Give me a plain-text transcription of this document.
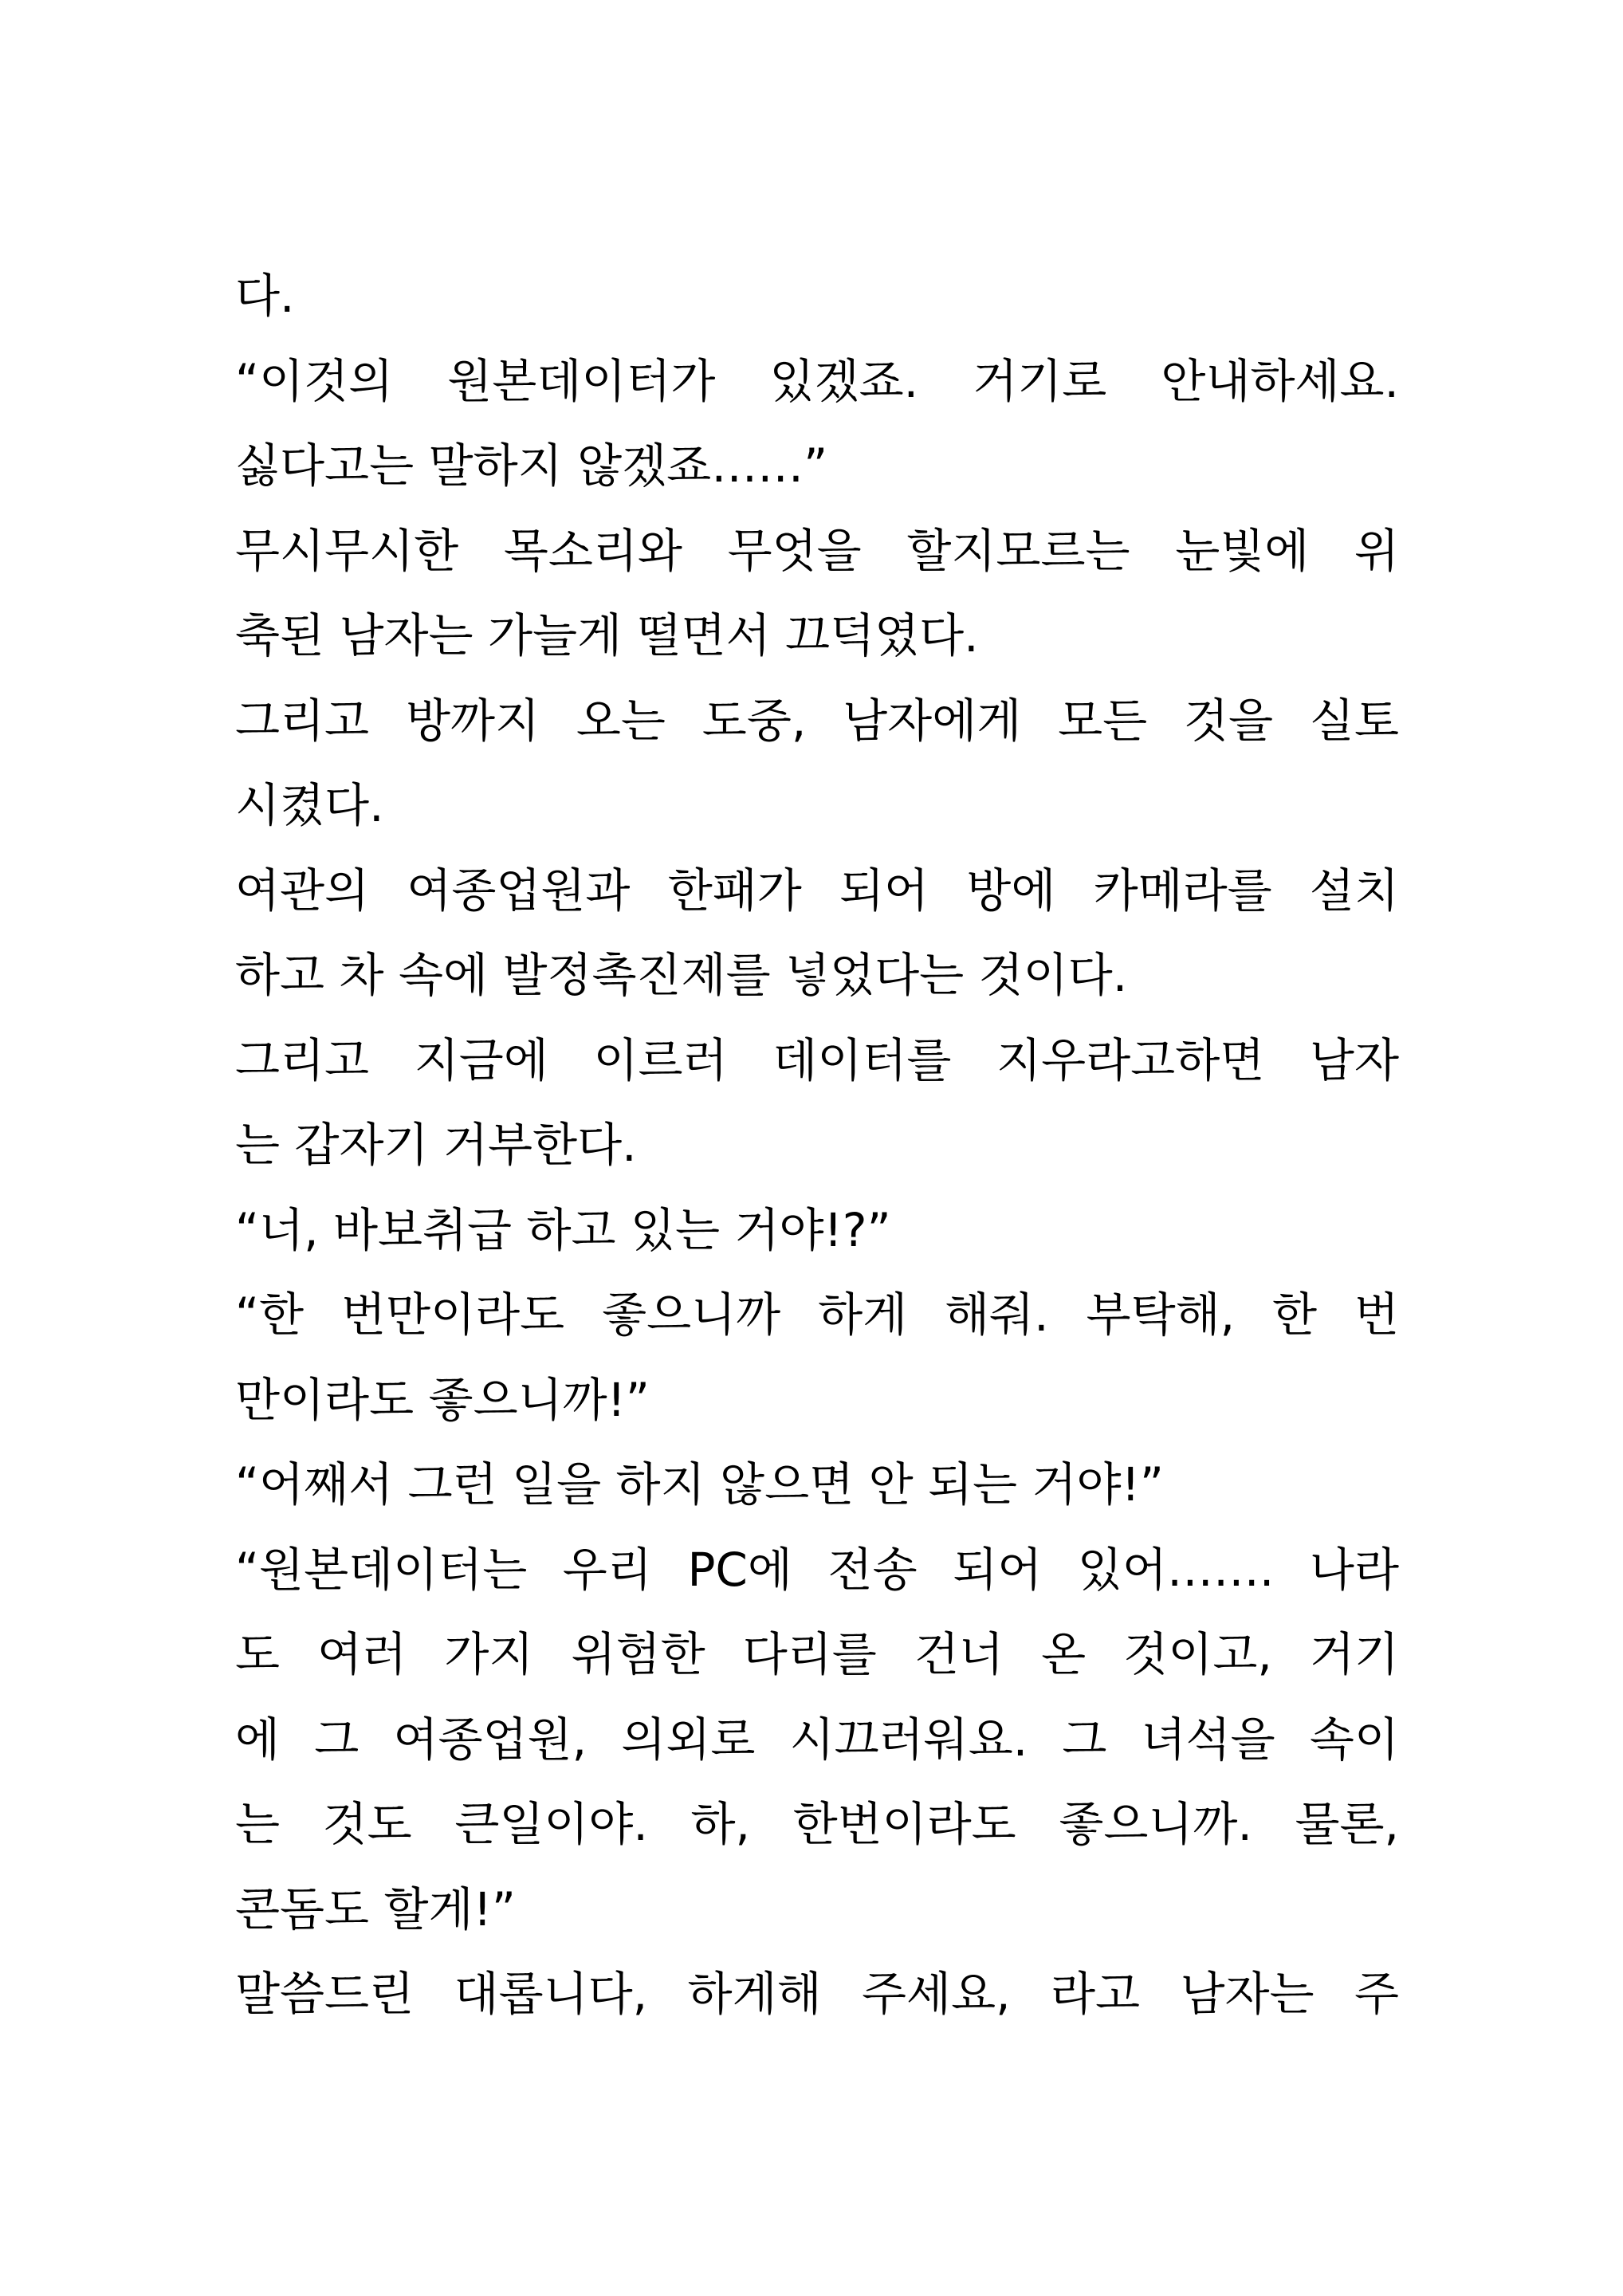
다.
“이것의 원본데이터가 있겠죠. 거기로 안내하세요.
싫다고는 말하지 않겠죠……”
무시무시한 목소리와 무엇을 할지모르는 눈빛에 위
축된 남자는 가늘게 떨면서 끄덕였다.
그리고 방까지 오는 도중, 남자에게 모든 것을 실토
시켰다.
여관의 여종업원과 한패가 되어 방에 카메라를 설치
하고 차 속에 발정촉진제를 넣었다는 것이다.
그리고 지금에 이르러 데이터를 지우라고하면 남자
는 갑자기 거부한다.
“너, 바보취급 하고 있는 거야!?”
“한 번만이라도 좋으니까 하게 해줘. 부탁해, 한 번
만이라도 좋으니까!”
“어째서 그런 일을 하지 않으면 안 되는 거야!”
“원본데이터는 우리 PC에 전송 되어 있어……. 나라
도 여러 가지 위험한 다리를 건너 온 것이고, 거기
에 그 여종업원, 의외로 시끄러워요. 그 녀석을 속이
는 것도 큰일이야. 하, 한번이라도 좋으니까. 물론,
콘돔도 할게!”
말씀드린 대롭니다, 하게해 주세요, 라고 남자는 주
